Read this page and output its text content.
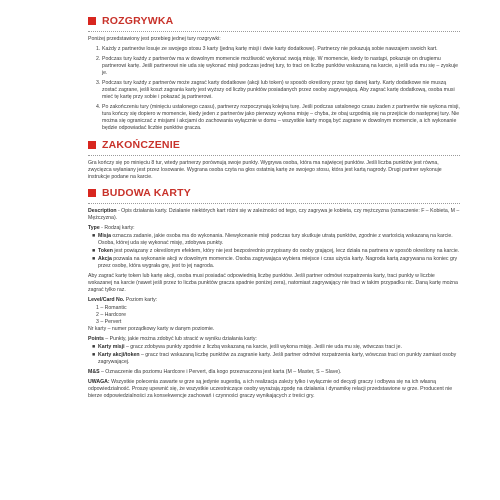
ROZGRYWKA

Poniżej przedstawiony jest przebieg jednej tury rozgrywki:

1. Każdy z partnerów losuje ze swojego stosu 3 karty (jedną kartę misji i dwie karty dodatkowe). Partnerzy nie pokazują sobie nawzajem swoich kart.
2. Podczas tury każdy z partnerów ma w dowolnym momencie możliwość wykonać swoją misję. W momencie, kiedy to nastąpi, pokazuje on drugiemu partnerowi kartę. Jeśli partnerowi nie uda się wykonać misji podczas jednej tury, to traci on liczbę punktów wskazaną na karcie, a jeśli uda mu się – zyskuje je.
3. Podczas tury każdy z partnerów może zagrać karty dodatkowe (akcji lub token) w sposób określony przez typ danej karty. Karty dodatkowe nie muszą zostać zagrane, jeśli koszt zagrania karty jest wyższy od liczby punktów posiadanych przez osobę zagrywającą. Aby zagrać kartę dodatkową, osoba musi mieć tę kartę przy sobie i pokazać ją partnerowi.
4. Po zakończeniu tury (minięciu ustalonego czasu), partnerzy rozpoczynają kolejną turę. Jeśli podczas ustalonego czasu żaden z partnerów nie wykona misji, tura kończy się dopiero w momencie, kiedy jeden z partnerów jako pierwszy wykona misję – chyba, że obaj uzgodnią się na przejście do następnej tury. Nie można się ograniczać z misjami i akcjami do zachowania wyłącznie w domu – wszystkie karty mogą być zagrane w dowolnym momencie, a ich wykonanie będzie odpowiadać liczbie punktów gracza.
ZAKOŃCZENIE

Gra kończy się po minięciu 8 tur, wtedy partnerzy porównują swoje punkty. Wygrywa osoba, która ma najwięcej punktów. Jeśli liczba punktów jest równa, zwycięzca wyłaniany jest przez losowanie. Wygrana osoba czyta na głos ostatnią kartę ze swojego stosu, która jest kartą nagrody. Drugi partner wykonuje instrukcje podane na karcie.

BUDOWA KARTY

Description - Opis działania karty. Działanie niektórych kart różni się w zależności od tego, czy zagrywa je kobieta, czy mężczyzna (oznaczenie: F – Kobieta, M – Mężczyzna).

Type - Rodzaj karty:

■ Misja oznacza zadanie, jakie osoba ma do wykonania. Niewykonanie misji podczas tury skutkuje utratą punktów, zgodnie z wartością wskazaną na karcie. Osoba, której uda się wykonać misję, zdobywa punkty.
■ Token jest powiązany z określonym efektem, który nie jest bezpośrednio przypisany do osoby grającej, lecz działa na partnera w sposób określony na karcie.
■ Akcja pozwala na wykonanie akcji w dowolnym momencie. Osoba zagrywająca wybiera miejsce i czas użycia karty. Nagroda kartą zagrywana na koniec gry przez osobę, która wygrała grę, jest to jej nagroda.

Aby zagrać kartę token lub kartę akcji, osoba musi posiadać odpowiednią liczbę punktów. Jeśli partner odmówi rozpatrzenia karty, traci punkty w liczbie wskazanej na karcie (nawet jeśli przez to liczba punktów gracza spadnie poniżej zera), natomiast zagrywający nie traci w takim przypadku nic. Daną kartę można zagrać tylko raz.

Level/Card No. Poziom karty:

1 – Romantic
2 – Hardcore
3 – Pervert

Nr karty – numer porządkowy karty w danym poziomie.

Points – Punkty, jakie można zdobyć lub stracić w wyniku działania karty:

■ Karty misji – gracz zdobywa punkty zgodnie z liczbą wskazaną na karcie, jeśli wykona misję. Jeśli nie uda mu się, wówczas traci je.
■ Karty akcji/token – gracz traci wskazaną liczbę punktów za zagranie karty. Jeśli partner odmówi rozpatrzenia karty, wówczas traci on punkty zamiast osoby zagrywającej.

M&S – Oznaczenie dla poziomu Hardcore i Pervert, dla kogo przeznaczona jest karta (M – Master, S – Slave).

UWAGA: Wszystkie polecenia zawarte w grze są jedynie sugestią, a ich realizacja zależy tylko i wyłącznie od decyzji graczy i odbywa się na ich własną odpowiedzialność. Proszę upewnić się, że wszystkie uczestniczące osoby wyrażają zgodę na działania i dynamikę relacji przedstawione w grze. Producent nie bierze odpowiedzialności za konsekwencje zachowań i czynności graczy wynikających z treści gry.
